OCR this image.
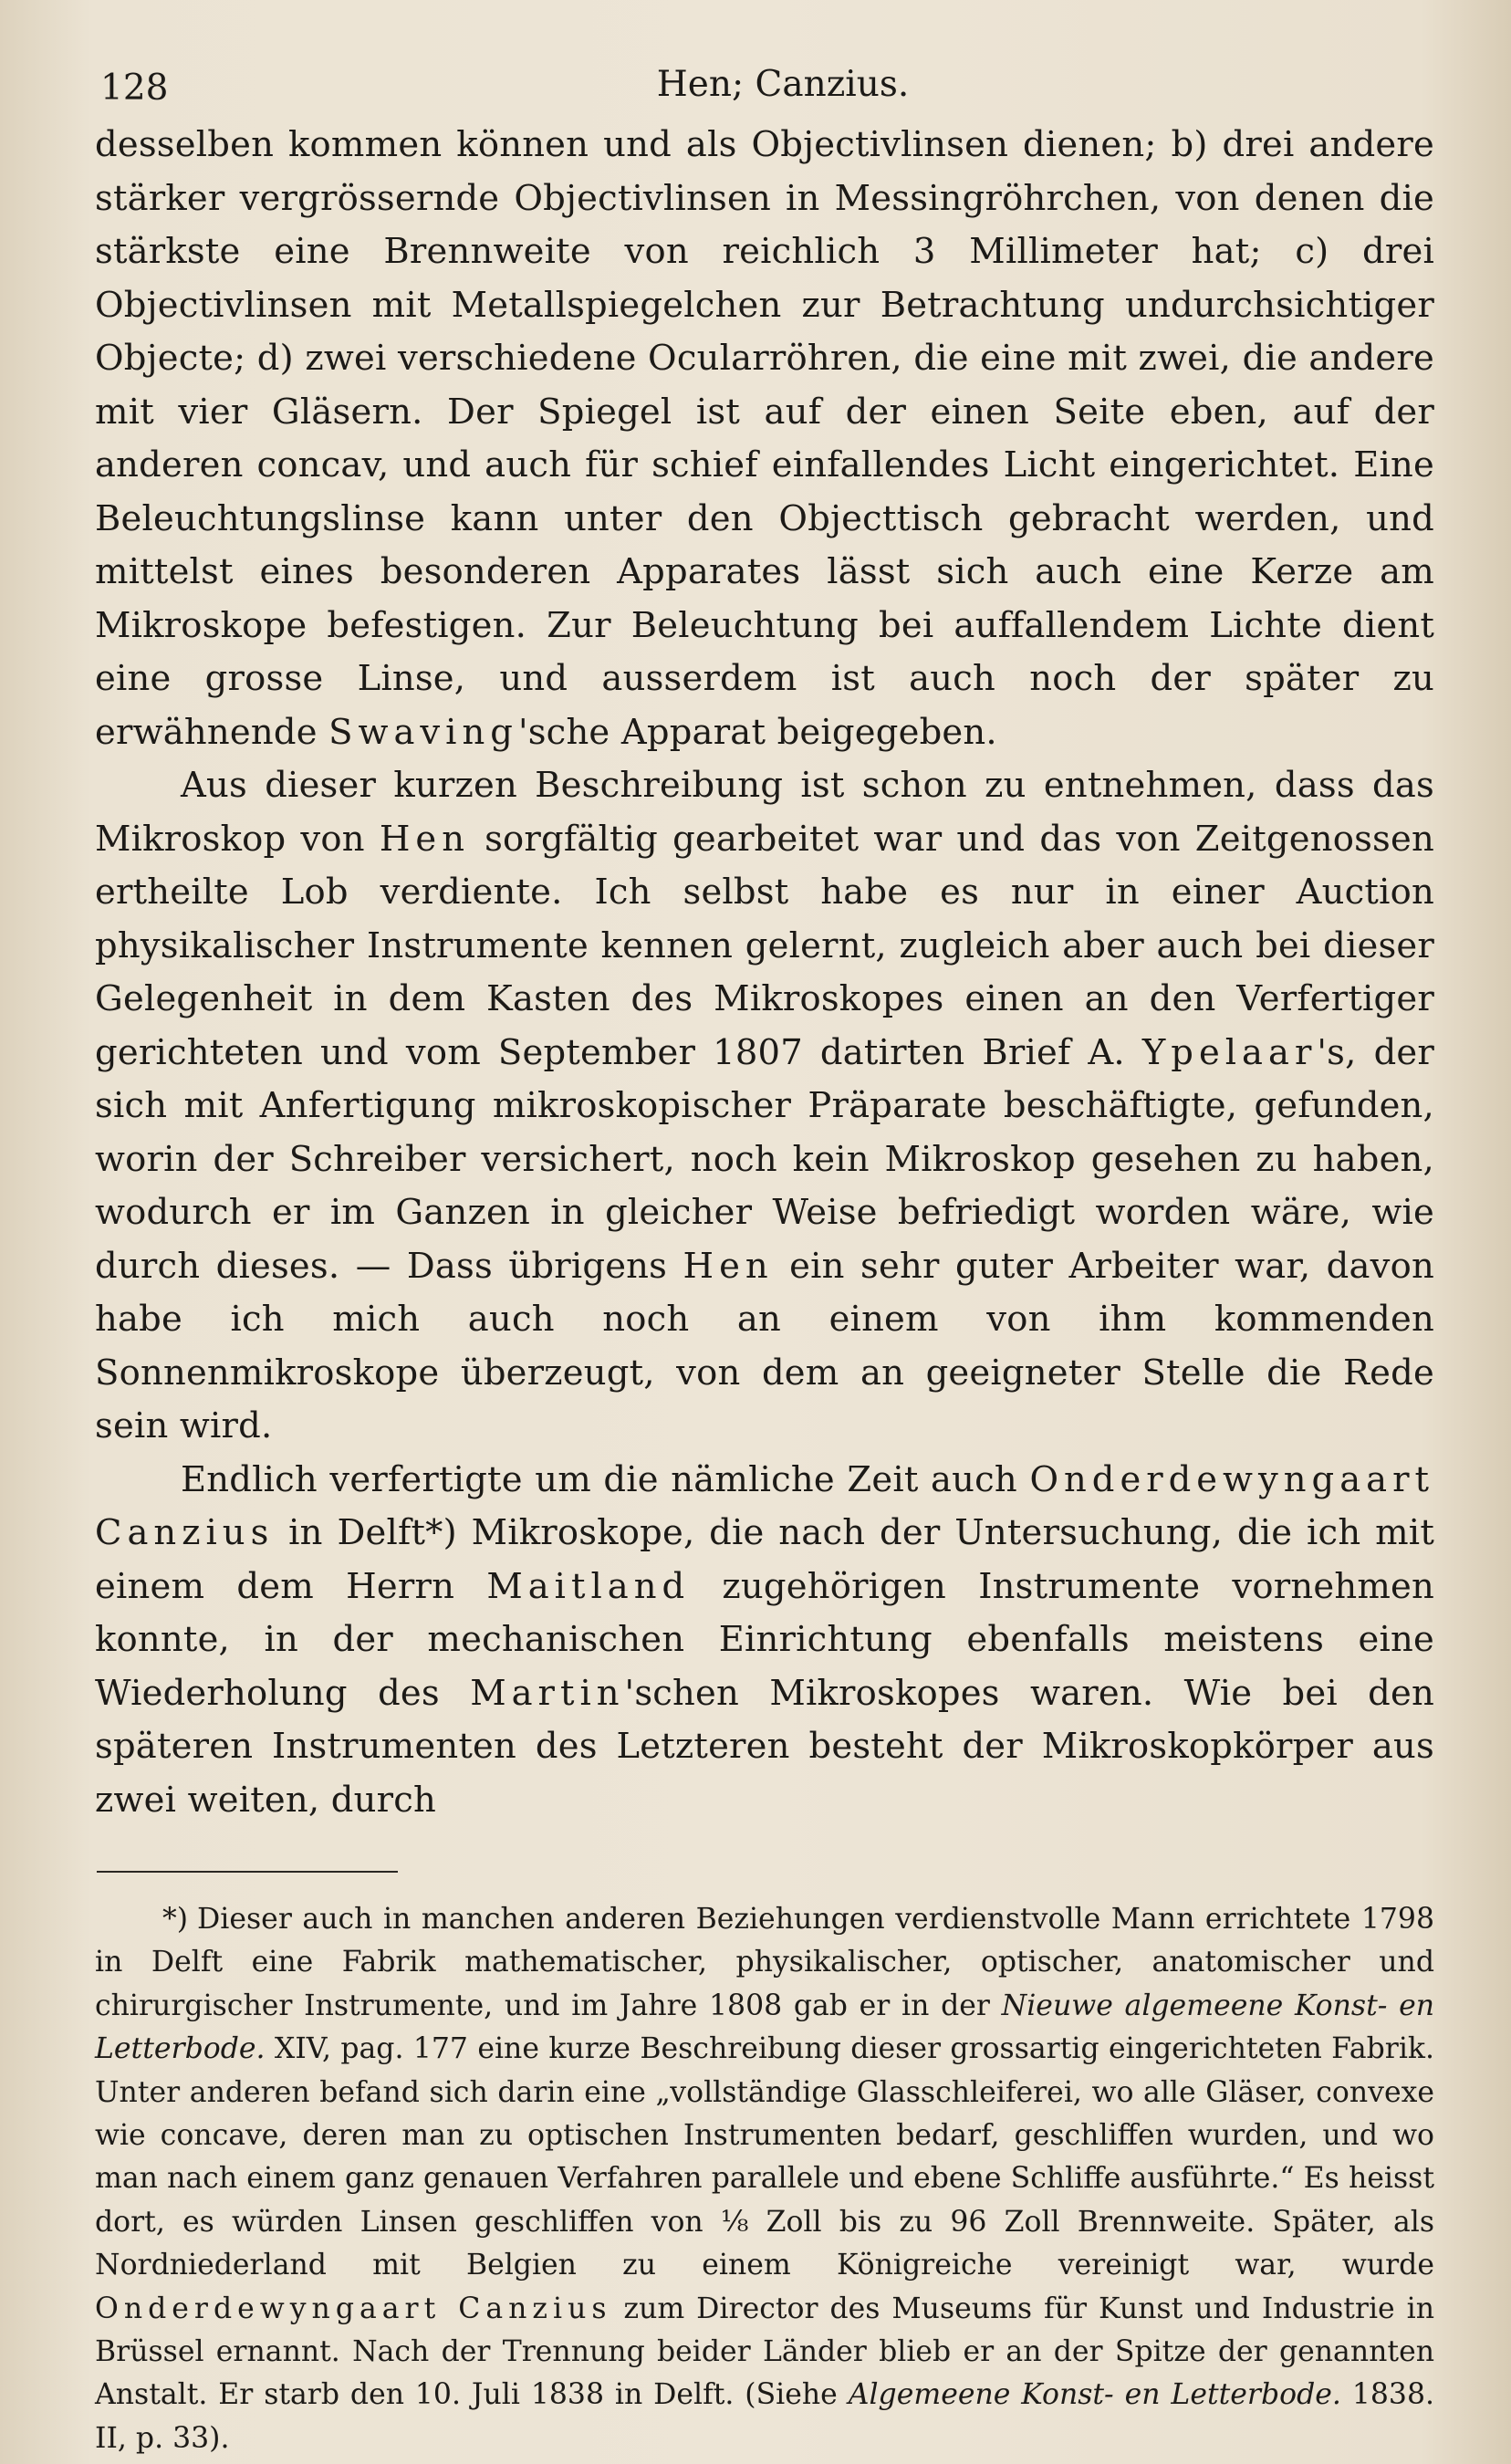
128	Hen; Canzius.

desselben kommen können und als Objectivlinsen dienen; b) drei andere stärker vergrössernde Objectivlinsen in Messingröhrchen, von denen die stärkste eine Brennweite von reichlich 3 Millimeter hat; c) drei Objectivlinsen mit Metallspiegelchen zur Betrachtung undurchsichtiger Objecte; d) zwei verschiedene Ocularröhren, die eine mit zwei, die andere mit vier Gläsern. Der Spiegel ist auf der einen Seite eben, auf der anderen concav, und auch für schief einfallendes Licht eingerichtet. Eine Beleuchtungslinse kann unter den Objecttisch gebracht werden, und mittelst eines besonderen Apparates lässt sich auch eine Kerze am Mikroskope befestigen. Zur Beleuchtung bei auffallendem Lichte dient eine grosse Linse, und ausserdem ist auch noch der später zu erwähnende Swaving'sche Apparat beigegeben.

Aus dieser kurzen Beschreibung ist schon zu entnehmen, dass das Mikroskop von Hen sorgfältig gearbeitet war und das von Zeitgenossen ertheilte Lob verdiente. Ich selbst habe es nur in einer Auction physikalischer Instrumente kennen gelernt, zugleich aber auch bei dieser Gelegenheit in dem Kasten des Mikroskopes einen an den Verfertiger gerichteten und vom September 1807 datirten Brief A. Ypelaar's, der sich mit Anfertigung mikroskopischer Präparate beschäftigte, gefunden, worin der Schreiber versichert, noch kein Mikroskop gesehen zu haben, wodurch er im Ganzen in gleicher Weise befriedigt worden wäre, wie durch dieses. — Dass übrigens Hen ein sehr guter Arbeiter war, davon habe ich mich auch noch an einem von ihm kommenden Sonnenmikroskope überzeugt, von dem an geeigneter Stelle die Rede sein wird.

Endlich verfertigte um die nämliche Zeit auch Onderdewyngaart Canzius in Delft*) Mikroskope, die nach der Untersuchung, die ich mit einem dem Herrn Maitland zugehörigen Instrumente vornehmen konnte, in der mechanischen Einrichtung ebenfalls meistens eine Wiederholung des Martin'schen Mikroskopes waren. Wie bei den späteren Instrumenten des Letzteren besteht der Mikroskopkörper aus zwei weiten, durch

*) Dieser auch in manchen anderen Beziehungen verdienstvolle Mann errichtete 1798 in Delft eine Fabrik mathematischer, physikalischer, optischer, anatomischer und chirurgischer Instrumente, und im Jahre 1808 gab er in der Nieuwe algemeene Konst- en Letterbode. XIV, pag. 177 eine kurze Beschreibung dieser grossartig eingerichteten Fabrik. Unter anderen befand sich darin eine „vollständige Glasschleiferei, wo alle Gläser, convexe wie concave, deren man zu optischen Instrumenten bedarf, geschliffen wurden, und wo man nach einem ganz genauen Verfahren parallele und ebene Schliffe ausführte.“ Es heisst dort, es würden Linsen geschliffen von ⅛ Zoll bis zu 96 Zoll Brennweite. Später, als Nordniederland mit Belgien zu einem Königreiche vereinigt war, wurde Onderdewyngaart Canzius zum Director des Museums für Kunst und Industrie in Brüssel ernannt. Nach der Trennung beider Länder blieb er an der Spitze der genannten Anstalt. Er starb den 10. Juli 1838 in Delft. (Siehe Algemeene Konst- en Letterbode. 1838. II, p. 33).
